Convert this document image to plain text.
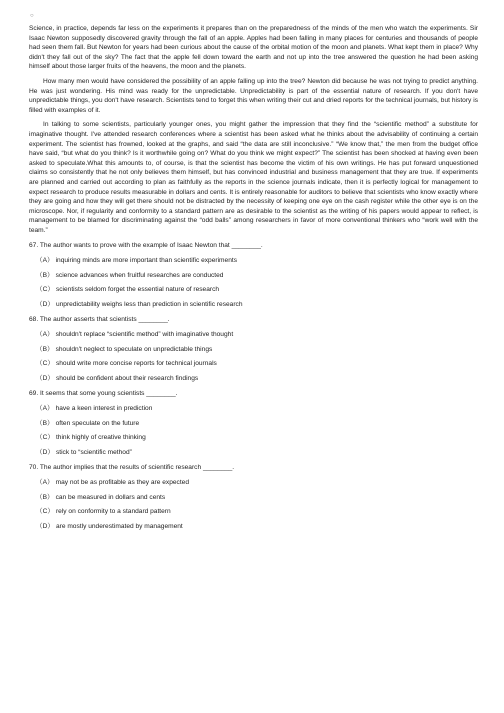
○

Science, in practice, depends far less on the experiments it prepares than on the preparedness of the minds of the men who watch the experiments. Sir Isaac Newton supposedly discovered gravity through the fall of an apple. Apples had been falling in many places for centuries and thousands of people had seen them fall. But Newton for years had been curious about the cause of the orbital motion of the moon and planets. What kept them in place? Why didn't they fall out of the sky? The fact that the apple fell down toward the earth and not up into the tree answered the question he had been asking himself about those larger fruits of the heavens, the moon and the planets.

How many men would have considered the possibility of an apple falling up into the tree? Newton did because he was not trying to predict anything. He was just wondering. His mind was ready for the unpredictable. Unpredictability is part of the essential nature of research. If you don't have unpredictable things, you don't have research. Scientists tend to forget this when writing their cut and dried reports for the technical journals, but history is filled with examples of it.

In talking to some scientists, particularly younger ones, you might gather the impression that they find the “scientific method” a substitute for imaginative thought. I've attended research conferences where a scientist has been asked what he thinks about the advisability of continuing a certain experiment. The scientist has frowned, looked at the graphs, and said “the data are still inconclusive.” “We know that,” the men from the budget office have said, “but what do you think? Is it worthwhile going on? What do you think we might expect?” The scientist has been shocked at having even been asked to speculate.What this amounts to, of course, is that the scientist has become the victim of his own writings. He has put forward unquestioned claims so consistently that he not only believes them himself, but has convinced industrial and business management that they are true. If experiments are planned and carried out according to plan as faithfully as the reports in the science journals indicate, then it is perfectly logical for management to expect research to produce results measurable in dollars and cents. It is entirely reasonable for auditors to believe that scientists who know exactly where they are going and how they will get there should not be distracted by the necessity of keeping one eye on the cash register while the other eye is on the microscope. Nor, if regularity and conformity to a standard pattern are as desirable to the scientist as the writing of his papers would appear to reflect, is management to be blamed for discriminating against the “odd balls” among researchers in favor of more conventional thinkers who “work well with the team.”

67. The author wants to prove with the example of Isaac Newton that ________.

（A） inquiring minds are more important than scientific experiments

（B） science advances when fruitful researches are conducted

（C） scientists seldom forget the essential nature of research

（D） unpredictability weighs less than prediction in scientific research

68. The author asserts that scientists ________.

（A） shouldn't replace “scientific method” with imaginative thought

（B） shouldn't neglect to speculate on unpredictable things

（C） should write more concise reports for technical journals

（D） should be confident about their research findings

69. It seems that some young scientists ________.

（A） have a keen interest in prediction

（B） often speculate on the future

（C） think highly of creative thinking

（D） stick to “scientific method”

70. The author implies that the results of scientific research ________.

（A） may not be as profitable as they are expected

（B） can be measured in dollars and cents

（C） rely on conformity to a standard pattern

（D） are mostly underestimated by management
